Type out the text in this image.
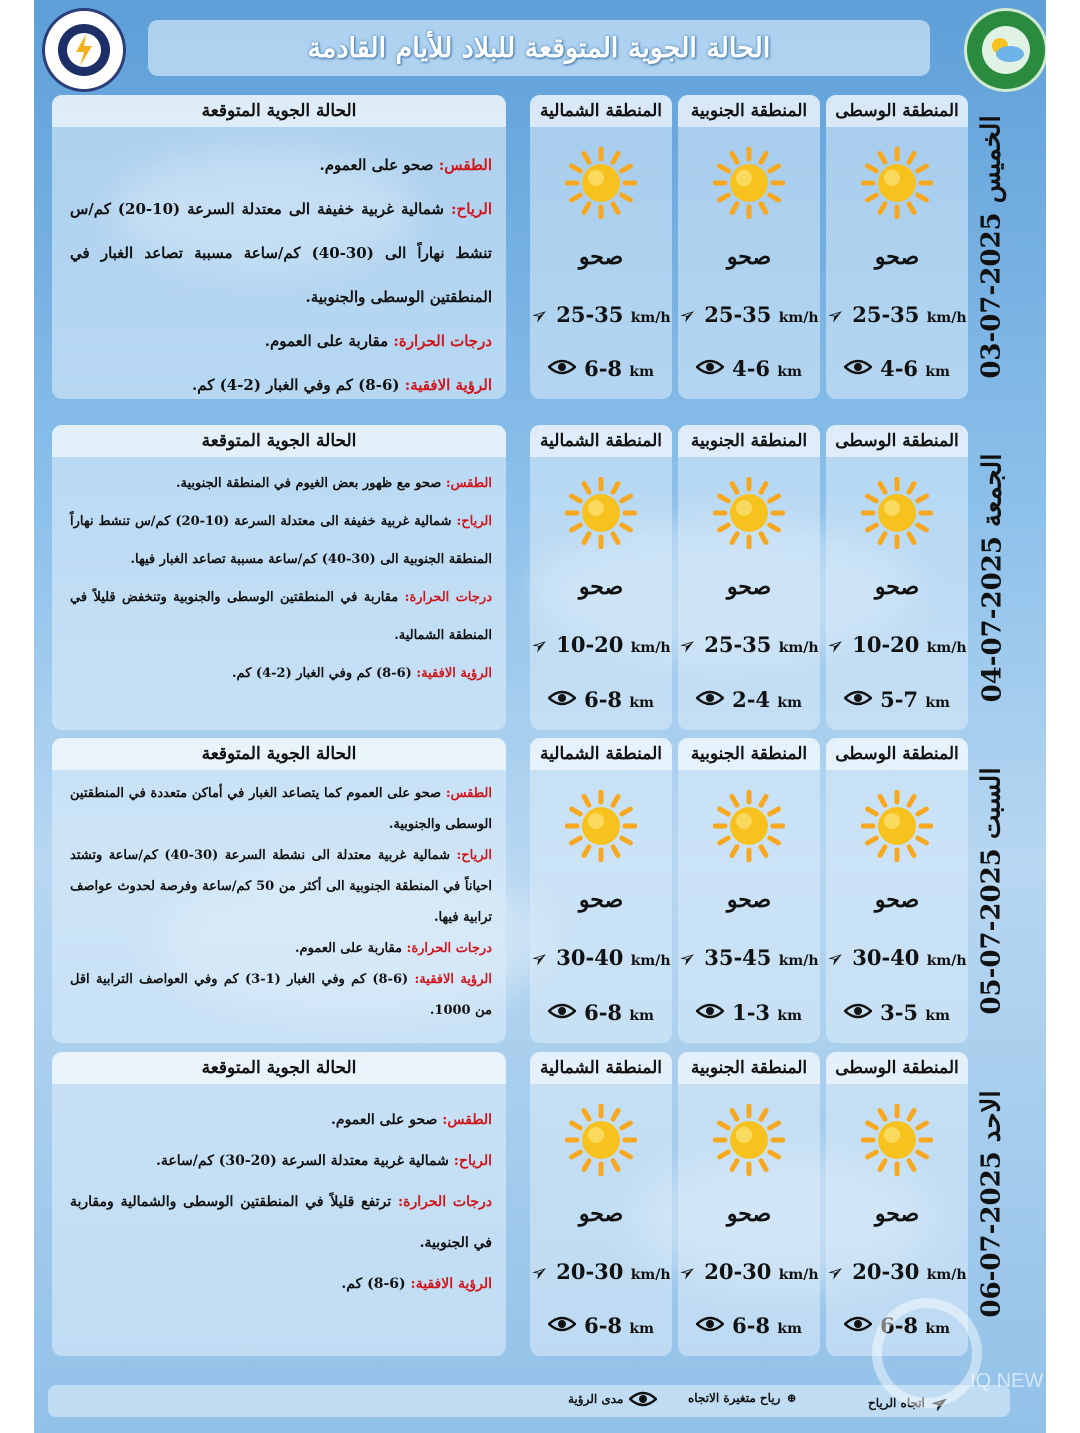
الحالة الجوية المتوقعة للبلاد للأيام القادمة
الخميس 2025-07-03
المنطقة الوسطى
صحو
➢ 25-35 km/h
4-6 km
المنطقة الجنوبية
صحو
➢ 25-35 km/h
4-6 km
المنطقة الشمالية
صحو
➢ 25-35 km/h
6-8 km
الحالة الجوية المتوقعة

الطقس: صحو على العموم.

الرياح: شمالية غربية خفيفة الى معتدلة السرعة (10-20) كم/س تنشط نهاراً الى (30-40) كم/ساعة مسببة تصاعد الغبار في المنطقتين الوسطى والجنوبية.

درجات الحرارة: مقاربة على العموم.

الرؤية الافقية: (6-8) كم وفي الغبار (2-4) كم.

الجمعة 2025-07-04
المنطقة الوسطى
صحو
➢ 10-20 km/h
5-7 km
المنطقة الجنوبية
صحو
➢ 25-35 km/h
2-4 km
المنطقة الشمالية
صحو
➢ 10-20 km/h
6-8 km
الحالة الجوية المتوقعة

الطقس: صحو مع ظهور بعض الغيوم في المنطقة الجنوبية.

الرياح: شمالية غربية خفيفة الى معتدلة السرعة (10-20) كم/س تنشط نهاراً المنطقة الجنوبية الى (30-40) كم/ساعة مسببة تصاعد الغبار فيها.

درجات الحرارة: مقاربة في المنطقتين الوسطى والجنوبية وتنخفض قليلاً في المنطقة الشمالية.

الرؤية الافقية: (6-8) كم وفي الغبار (2-4) كم.

السبت 2025-07-05
المنطقة الوسطى
صحو
➢ 30-40 km/h
3-5 km
المنطقة الجنوبية
صحو
➢ 35-45 km/h
1-3 km
المنطقة الشمالية
صحو
➢ 30-40 km/h
6-8 km
الحالة الجوية المتوقعة

الطقس: صحو على العموم كما يتصاعد الغبار في أماكن متعددة في المنطقتين الوسطى والجنوبية.

الرياح: شمالية غربية معتدلة الى نشطة السرعة (30-40) كم/ساعة وتشتد احياناً في المنطقة الجنوبية الى أكثر من 50 كم/ساعة وفرصة لحدوث عواصف ترابية فيها.

درجات الحرارة: مقاربة على العموم.

الرؤية الافقية: (6-8) كم وفي الغبار (1-3) كم وفي العواصف الترابية اقل من 1000.

الاحد 2025-07-06
المنطقة الوسطى
صحو
➢ 20-30 km/h
6-8 km
المنطقة الجنوبية
صحو
➢ 20-30 km/h
6-8 km
المنطقة الشمالية
صحو
➢ 20-30 km/h
6-8 km
الحالة الجوية المتوقعة

الطقس: صحو على العموم.

الرياح: شمالية غربية معتدلة السرعة (20-30) كم/ساعة.

درجات الحرارة: ترتفع قليلاً في المنطقتين الوسطى والشمالية ومقاربة في الجنوبية.

الرؤية الافقية: (6-8) كم.

➢
اتجاه الرياح
⊕
رياح متغيرة الاتجاه
مدى الرؤية
IQ NEW
